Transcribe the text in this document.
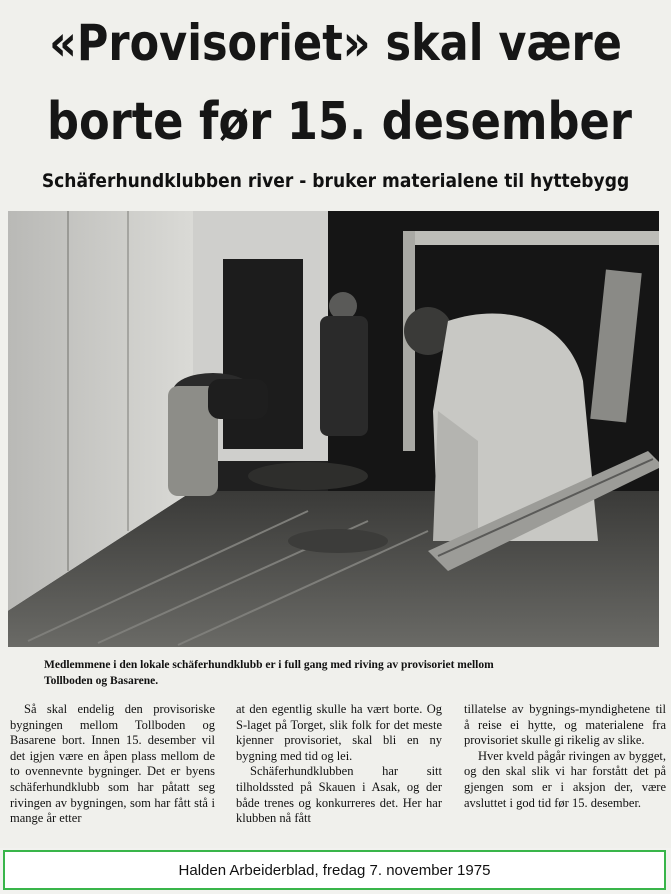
«Provisoriet» skal være
borte før 15. desember
Schäferhundklubben river - bruker materialene til hyttebygg
Medlemmene i den lokale schäferhundklubb er i full gang med riving av provisoriet mellom
Tollboden og Basarene.

Så skal endelig den provisoriske bygningen mellom Tollboden og Basarene bort. Innen 15. desember vil det igjen være en åpen plass mellom de to ovennevnte bygninger. Det er byens schäferhundklubb som har påtatt seg rivingen av bygningen, som har fått stå i mange år etter

at den egentlig skulle ha vært borte. Og S-laget på Torget, slik folk for det meste kjenner provisoriet, skal bli en ny bygning med tid og lei.

Schäferhundklubben har sitt tilholdssted på Skauen i Asak, og der både trenes og konkurreres det. Her har klubben nå fått

tillatelse av bygnings-myndighetene til å reise ei hytte, og materialene fra provisoriet skulle gi rikelig av slike.

Hver kveld pågår rivingen av bygget, og den skal slik vi har forstått det på gjengen som er i aksjon der, være avsluttet i god tid før 15. desember.

Halden Arbeiderblad, fredag 7. november 1975
